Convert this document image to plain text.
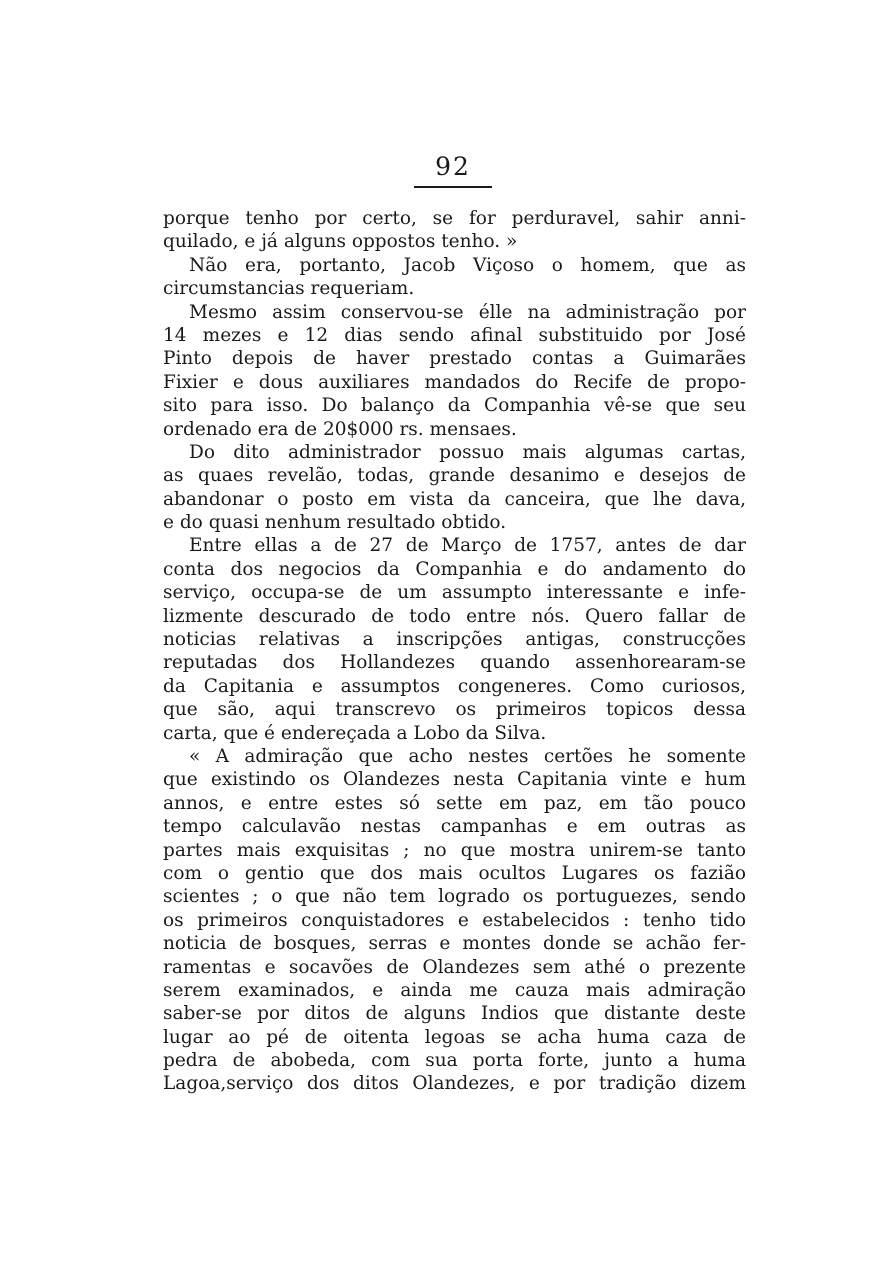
92
porque tenho por certo, se for perduravel, sahir anni-
quilado, e já alguns oppostos tenho. »
Não era, portanto, Jacob Viçoso o homem, que as
circumstancias requeriam.
Mesmo assim conservou-se élle na administração por
14 mezes e 12 dias sendo afinal substituido por José
Pinto depois de haver prestado contas a Guimarães
Fixier e dous auxiliares mandados do Recife de propo-
sito para isso. Do balanço da Companhia vê-se que seu
ordenado era de 20$000 rs. mensaes.
Do dito administrador possuo mais algumas cartas,
as quaes revelão, todas, grande desanimo e desejos de
abandonar o posto em vista da canceira, que lhe dava,
e do quasi nenhum resultado obtido.
Entre ellas a de 27 de Março de 1757, antes de dar
conta dos negocios da Companhia e do andamento do
serviço, occupa-se de um assumpto interessante e infe-
lizmente descurado de todo entre nós. Quero fallar de
noticias relativas a inscripções antigas, construcções
reputadas dos Hollandezes quando assenhorearam-se
da Capitania e assumptos congeneres. Como curiosos,
que são, aqui transcrevo os primeiros topicos dessa
carta, que é endereçada a Lobo da Silva.
« A admiração que acho nestes certões he somente
que existindo os Olandezes nesta Capitania vinte e hum
annos, e entre estes só sette em paz, em tão pouco
tempo calculavão nestas campanhas e em outras as
partes mais exquisitas ; no que mostra unirem-se tanto
com o gentio que dos mais ocultos Lugares os fazião
scientes ; o que não tem logrado os portuguezes, sendo
os primeiros conquistadores e estabelecidos : tenho tido
noticia de bosques, serras e montes donde se achão fer-
ramentas e socavões de Olandezes sem athé o prezente
serem examinados, e ainda me cauza mais admiração
saber-se por ditos de alguns Indios que distante deste
lugar ao pé de oitenta legoas se acha huma caza de
pedra de abobeda, com sua porta forte, junto a huma
Lagoa,serviço dos ditos Olandezes, e por tradição dizem
